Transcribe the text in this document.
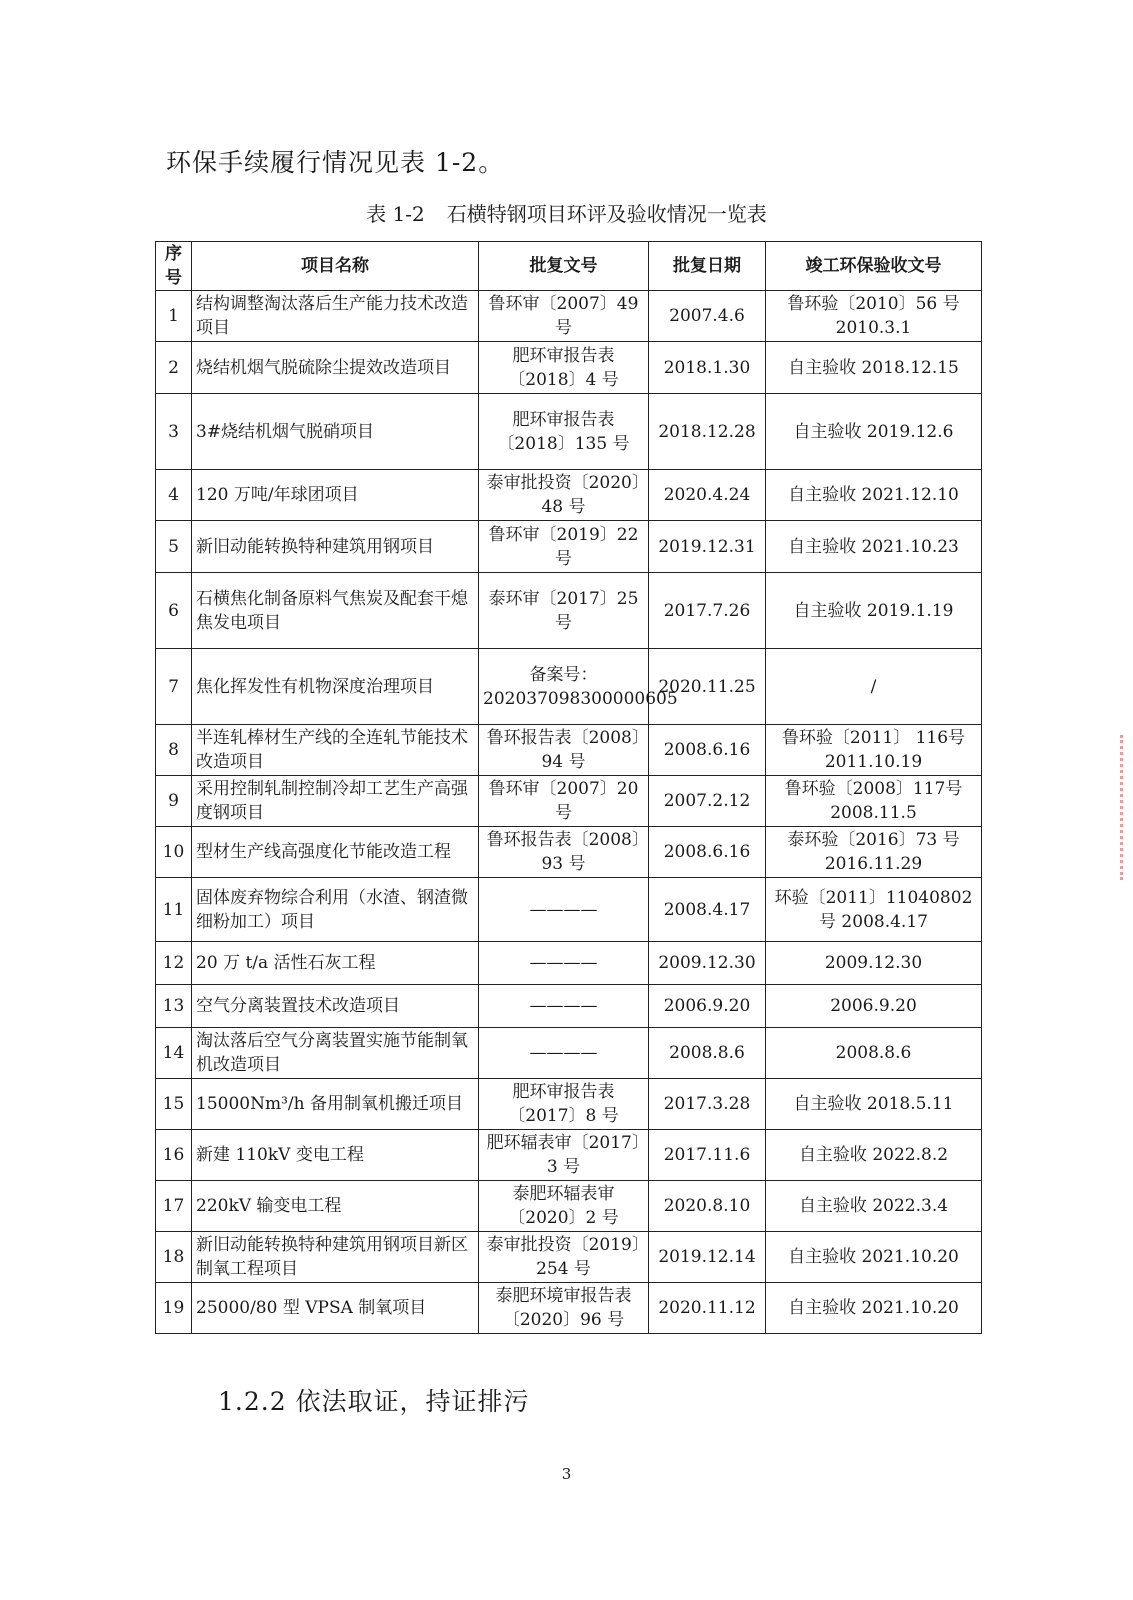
环保手续履行情况见表 1-2。
表 1-2 石横特钢项目环评及验收情况一览表
序号	项目名称	批复文号	批复日期	竣工环保验收文号
1	结构调整淘汰落后生产能力技术改造项目	鲁环审〔2007〕49号	2007.4.6	鲁环验〔2010〕56 号 2010.3.1
2	烧结机烟气脱硫除尘提效改造项目	肥环审报告表〔2018〕4 号	2018.1.30	自主验收 2018.12.15
3	3#烧结机烟气脱硝项目	肥环审报告表〔2018〕135 号	2018.12.28	自主验收 2019.12.6
4	120 万吨/年球团项目	泰审批投资〔2020〕48 号	2020.4.24	自主验收 2021.12.10
5	新旧动能转换特种建筑用钢项目	鲁环审〔2019〕22号	2019.12.31	自主验收 2021.10.23
6	石横焦化制备原料气焦炭及配套干熄焦发电项目	泰环审〔2017〕25号	2017.7.26	自主验收 2019.1.19
7	焦化挥发性有机物深度治理项目	备案号：202037098300000605	2020.11.25	/
8	半连轧棒材生产线的全连轧节能技术改造项目	鲁环报告表〔2008〕94 号	2008.6.16	鲁环验〔2011〕 116号 2011.10.19
9	采用控制轧制控制冷却工艺生产高强度钢项目	鲁环审〔2007〕20号	2007.2.12	鲁环验〔2008〕117号 2008.11.5
10	型材生产线高强度化节能改造工程	鲁环报告表〔2008〕93 号	2008.6.16	泰环验〔2016〕73 号 2016.11.29
11	固体废弃物综合利用（水渣、钢渣微细粉加工）项目	————	2008.4.17	环验〔2011〕11040802号 2008.4.17
12	20 万 t/a 活性石灰工程	————	2009.12.30	2009.12.30
13	空气分离装置技术改造项目	————	2006.9.20	2006.9.20
14	淘汰落后空气分离装置实施节能制氧机改造项目	————	2008.8.6	2008.8.6
15	15000Nm³/h 备用制氧机搬迁项目	肥环审报告表〔2017〕8 号	2017.3.28	自主验收 2018.5.11
16	新建 110kV 变电工程	肥环辐表审〔2017〕3 号	2017.11.6	自主验收 2022.8.2
17	220kV 输变电工程	泰肥环辐表审〔2020〕2 号	2020.8.10	自主验收 2022.3.4
18	新旧动能转换特种建筑用钢项目新区制氧工程项目	泰审批投资〔2019〕254 号	2019.12.14	自主验收 2021.10.20
19	25000/80 型 VPSA 制氧项目	泰肥环境审报告表〔2020〕96 号	2020.11.12	自主验收 2021.10.20
1.2.2 依法取证，持证排污
3
